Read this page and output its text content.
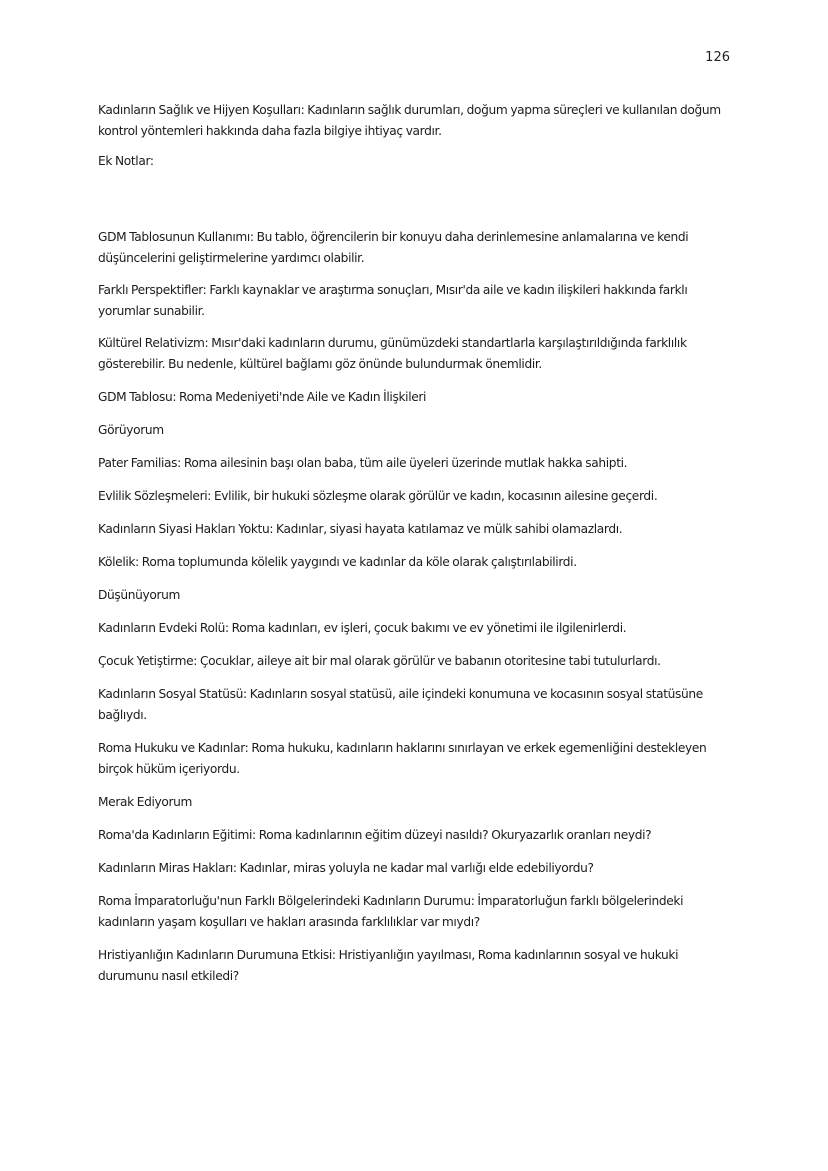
126

Kadınların Sağlık ve Hijyen Koşulları: Kadınların sağlık durumları, doğum yapma süreçleri ve kullanılan doğum kontrol yöntemleri hakkında daha fazla bilgiye ihtiyaç vardır.

Ek Notlar:

GDM Tablosunun Kullanımı: Bu tablo, öğrencilerin bir konuyu daha derinlemesine anlamalarına ve kendi düşüncelerini geliştirmelerine yardımcı olabilir.

Farklı Perspektifler: Farklı kaynaklar ve araştırma sonuçları, Mısır'da aile ve kadın ilişkileri hakkında farklı yorumlar sunabilir.

Kültürel Relativizm: Mısır'daki kadınların durumu, günümüzdeki standartlarla karşılaştırıldığında farklılık gösterebilir. Bu nedenle, kültürel bağlamı göz önünde bulundurmak önemlidir.

GDM Tablosu: Roma Medeniyeti'nde Aile ve Kadın İlişkileri

Görüyorum

Pater Familias: Roma ailesinin başı olan baba, tüm aile üyeleri üzerinde mutlak hakka sahipti.

Evlilik Sözleşmeleri: Evlilik, bir hukuki sözleşme olarak görülür ve kadın, kocasının ailesine geçerdi.

Kadınların Siyasi Hakları Yoktu: Kadınlar, siyasi hayata katılamaz ve mülk sahibi olamazlardı.

Kölelik: Roma toplumunda kölelik yaygındı ve kadınlar da köle olarak çalıştırılabilirdi.

Düşünüyorum

Kadınların Evdeki Rolü: Roma kadınları, ev işleri, çocuk bakımı ve ev yönetimi ile ilgilenirlerdi.

Çocuk Yetiştirme: Çocuklar, aileye ait bir mal olarak görülür ve babanın otoritesine tabi tutulurlardı.

Kadınların Sosyal Statüsü: Kadınların sosyal statüsü, aile içindeki konumuna ve kocasının sosyal statüsüne bağlıydı.

Roma Hukuku ve Kadınlar: Roma hukuku, kadınların haklarını sınırlayan ve erkek egemenliğini destekleyen birçok hüküm içeriyordu.

Merak Ediyorum

Roma'da Kadınların Eğitimi: Roma kadınlarının eğitim düzeyi nasıldı? Okuryazarlık oranları neydi?

Kadınların Miras Hakları: Kadınlar, miras yoluyla ne kadar mal varlığı elde edebiliyordu?

Roma İmparatorluğu'nun Farklı Bölgelerindeki Kadınların Durumu: İmparatorluğun farklı bölgelerindeki kadınların yaşam koşulları ve hakları arasında farklılıklar var mıydı?

Hristiyanlığın Kadınların Durumuna Etkisi: Hristiyanlığın yayılması, Roma kadınlarının sosyal ve hukuki durumunu nasıl etkiledi?
